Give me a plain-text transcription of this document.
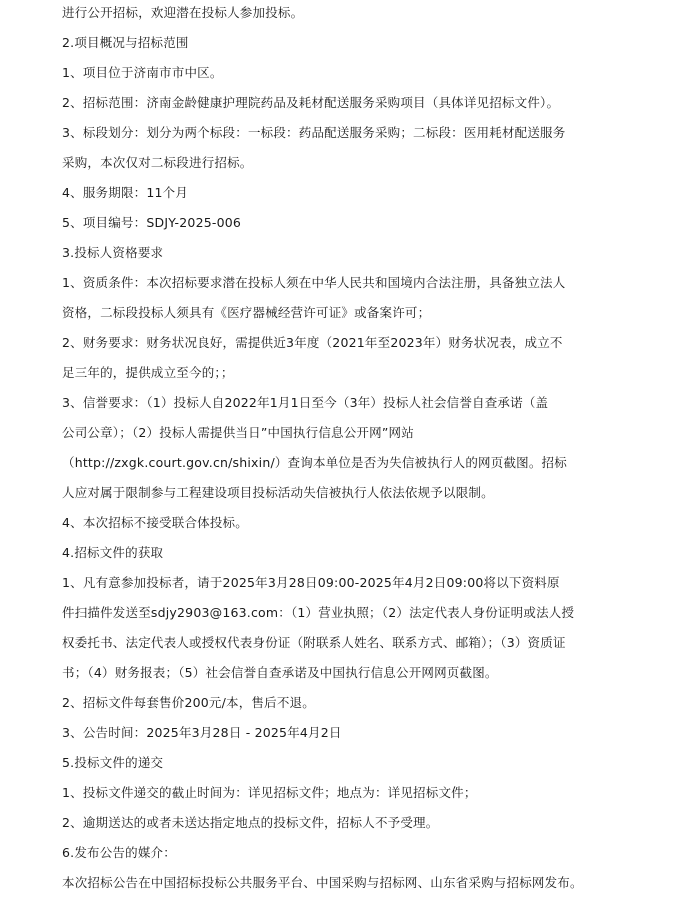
进行公开招标，欢迎潜在投标人参加投标。

2.项目概况与招标范围

1、项目位于济南市市中区。

2、招标范围：济南金龄健康护理院药品及耗材配送服务采购项目（具体详见招标文件）。

3、标段划分：划分为两个标段：一标段：药品配送服务采购；二标段：医用耗材配送服务

采购，本次仅对二标段进行招标。

4、服务期限：11个月

5、项目编号：SDJY-2025-006

3.投标人资格要求

1、资质条件：本次招标要求潜在投标人须在中华人民共和国境内合法注册，具备独立法人

资格，二标段投标人须具有《医疗器械经营许可证》或备案许可；

2、财务要求：财务状况良好，需提供近3年度（2021年至2023年）财务状况表，成立不

足三年的，提供成立至今的；；

3、信誉要求：（1）投标人自2022年1月1日至今（3年）投标人社会信誉自查承诺（盖

公司公章）；（2）投标人需提供当日”中国执行信息公开网”网站

（http://zxgk.court.gov.cn/shixin/）查询本单位是否为失信被执行人的网页截图。招标

人应对属于限制参与工程建设项目投标活动失信被执行人依法依规予以限制。

4、本次招标不接受联合体投标。

4.招标文件的获取

1、凡有意参加投标者，请于2025年3月28日09:00-2025年4月2日09:00将以下资料原

件扫描件发送至sdjy2903@163.com：（1）营业执照；（2）法定代表人身份证明或法人授

权委托书、法定代表人或授权代表身份证（附联系人姓名、联系方式、邮箱）；（3）资质证

书；（4）财务报表；（5）社会信誉自查承诺及中国执行信息公开网网页截图。

2、招标文件每套售价200元/本，售后不退。

3、公告时间：2025年3月28日 - 2025年4月2日

5.投标文件的递交

1、投标文件递交的截止时间为：详见招标文件；地点为：详见招标文件；

2、逾期送达的或者未送达指定地点的投标文件，招标人不予受理。

6.发布公告的媒介：

本次招标公告在中国招标投标公共服务平台、中国采购与招标网、山东省采购与招标网发布。
